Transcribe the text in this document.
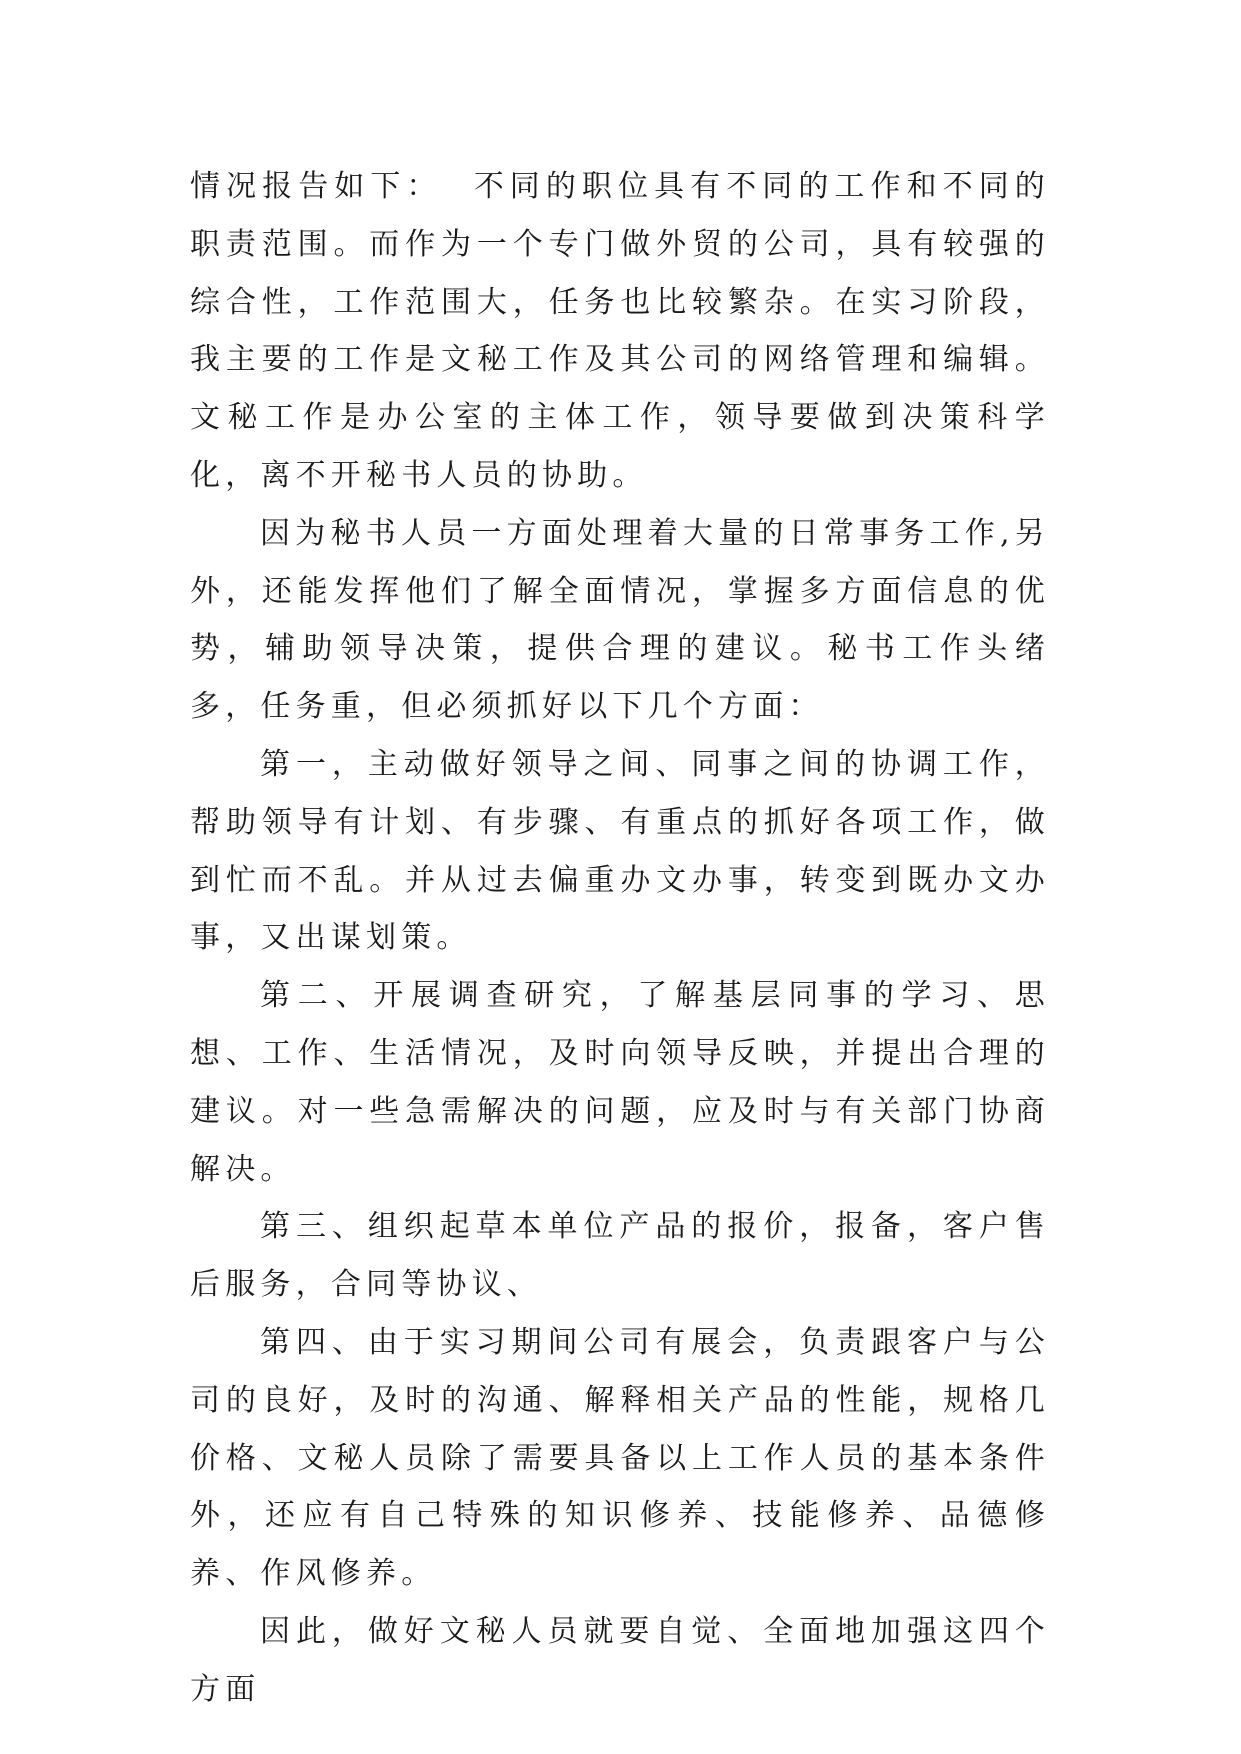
情况报告如下：  不同的职位具有不同的工作和不同的职责范围。而作为一个专门做外贸的公司，具有较强的综合性，工作范围大，任务也比较繁杂。在实习阶段，我主要的工作是文秘工作及其公司的网络管理和编辑。  文秘工作是办公室的主体工作，领导要做到决策科学化，离不开秘书人员的协助。

因为秘书人员一方面处理着大量的日常事务工作,另外，还能发挥他们了解全面情况，掌握多方面信息的优势，辅助领导决策，提供合理的建议。秘书工作头绪多，任务重，但必须抓好以下几个方面：

第一，主动做好领导之间、同事之间的协调工作，帮助领导有计划、有步骤、有重点的抓好各项工作，做到忙而不乱。并从过去偏重办文办事，转变到既办文办事，又出谋划策。

第二、开展调查研究，了解基层同事的学习、思想、工作、生活情况，及时向领导反映，并提出合理的建议。对一些急需解决的问题，应及时与有关部门协商解决。

第三、组织起草本单位产品的报价，报备，客户售后服务，合同等协议、

第四、由于实习期间公司有展会，负责跟客户与公司的良好，及时的沟通、解释相关产品的性能，规格几价格、文秘人员除了需要具备以上工作人员的基本条件外，还应有自己特殊的知识修养、技能修养、品德修养、作风修养。

因此，做好文秘人员就要自觉、全面地加强这四个方面
